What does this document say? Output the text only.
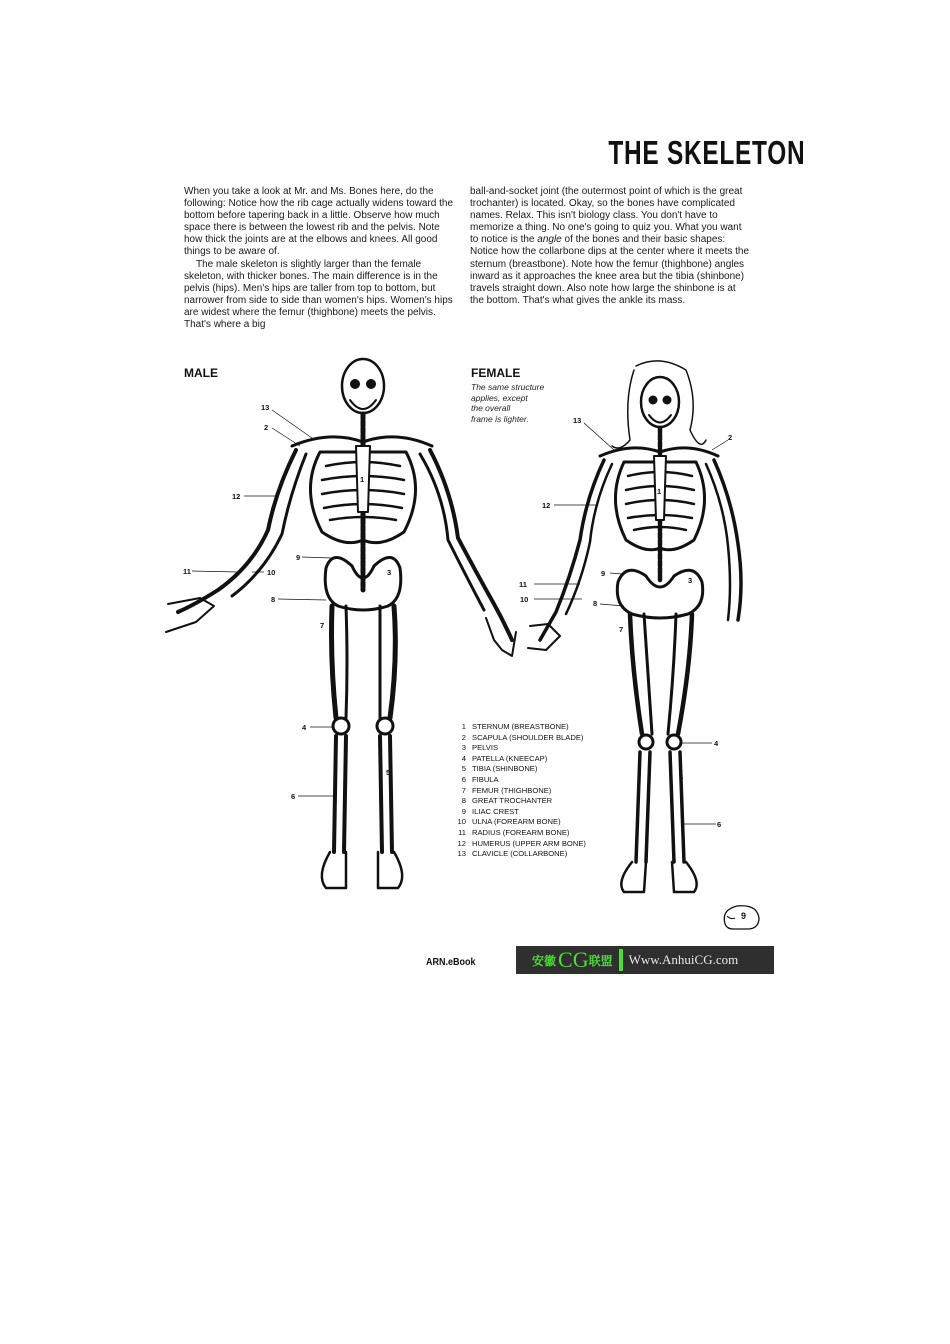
THE SKELETON

When you take a look at Mr. and Ms. Bones here, do the following: Notice how the rib cage actually widens toward the bottom before tapering back in a little. Observe how much space there is between the lowest rib and the pelvis. Note how thick the joints are at the elbows and knees. All good things to be aware of.

The male skeleton is slightly larger than the female skeleton, with thicker bones. The main difference is in the pelvis (hips). Men's hips are taller from top to bottom, but narrower from side to side than women's hips. Women's hips are widest where the femur (thighbone) meets the pelvis. That's where a big

ball-and-socket joint (the outermost point of which is the great trochanter) is located. Okay, so the bones have complicated names. Relax. This isn't biology class. You don't have to memorize a thing. No one's going to quiz you. What you want to notice is the angle of the bones and their basic shapes: Notice how the collarbone dips at the center where it meets the sternum (breastbone). Note how the femur (thighbone) angles inward as it approaches the knee area but the tibia (shinbone) travels straight down. Also note how large the shinbone is at the bottom. That's what gives the ankle its mass.

MALE	FEMALE
The same structure
applies, except
the overall
frame is lighter.
13
2
12
9
11	10
8
7
3
1
4
6
5
13
2
12
9
11
10	8
7
3
1
4
5
6
1 STERNUM (BREASTBONE)
2 SCAPULA (SHOULDER BLADE)
3 PELVIS
4 PATELLA (KNEECAP)
5 TIBIA (SHINBONE)
6 FIBULA
7 FEMUR (THIGHBONE)
8 GREAT TROCHANTER
9 ILIAC CREST
10 ULNA (FOREARM BONE)
11 RADIUS (FOREARM BONE)
12 HUMERUS (UPPER ARM BONE)
13 CLAVICLE (COLLARBONE)
9
ARN.eBook	安徽 CG 联盟 Www.AnhuiCG.com
